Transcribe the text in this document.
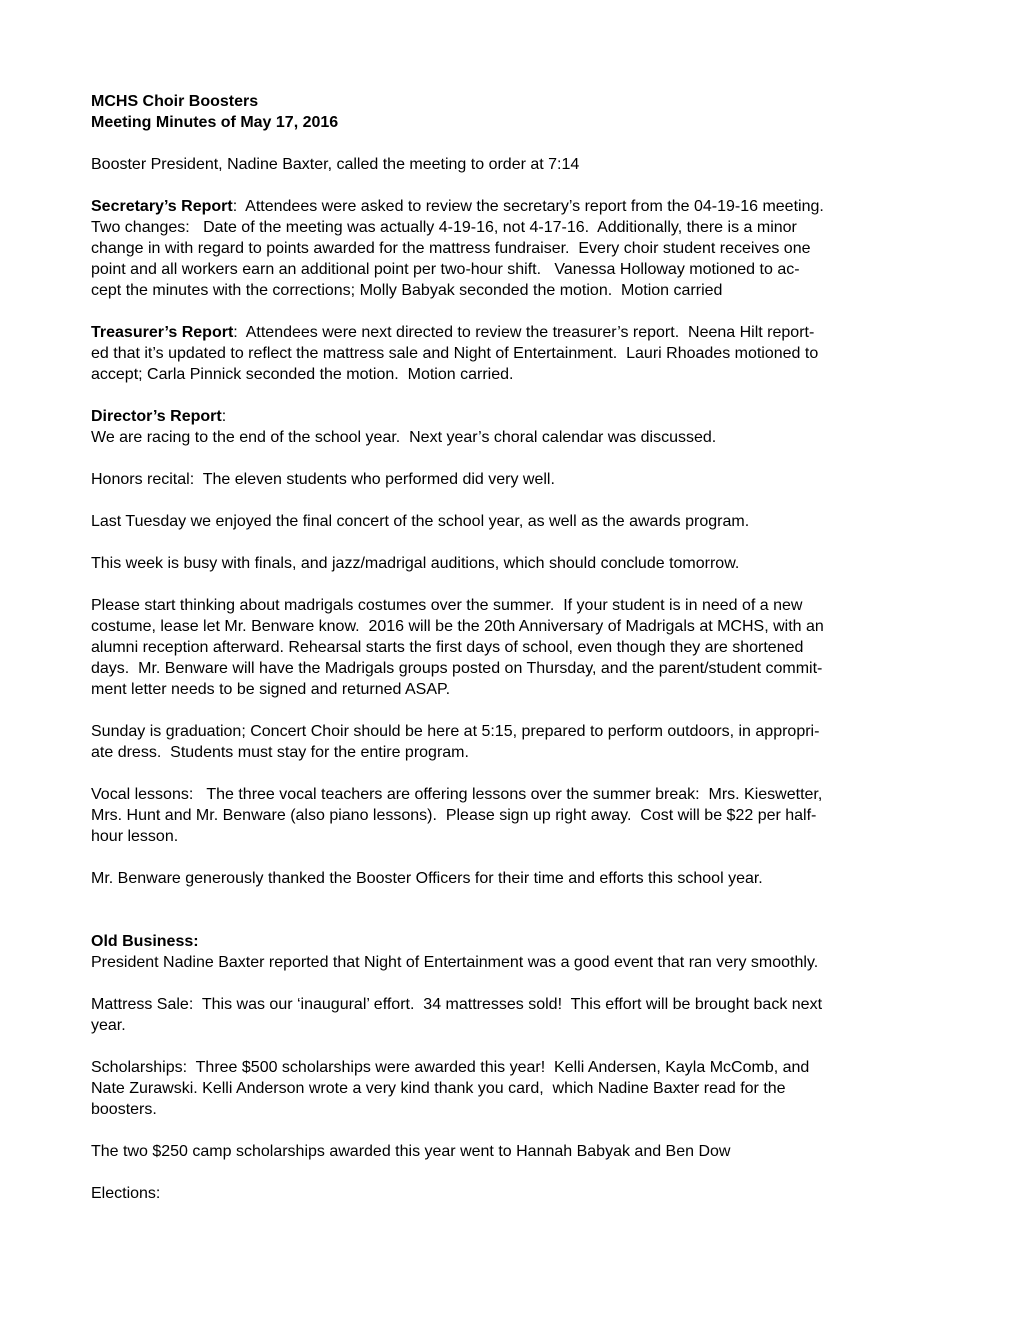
MCHS Choir Boosters
Meeting Minutes of May 17, 2016
Booster President, Nadine Baxter, called the meeting to order at 7:14
Secretary’s Report:  Attendees were asked to review the secretary’s report from the 04-19-16 meeting.
Two changes:   Date of the meeting was actually 4-19-16, not 4-17-16.  Additionally, there is a minor
change in with regard to points awarded for the mattress fundraiser.  Every choir student receives one
point and all workers earn an additional point per two-hour shift.   Vanessa Holloway motioned to ac-
cept the minutes with the corrections; Molly Babyak seconded the motion.  Motion carried
Treasurer’s Report:  Attendees were next directed to review the treasurer’s report.  Neena Hilt report-
ed that it’s updated to reflect the mattress sale and Night of Entertainment.  Lauri Rhoades motioned to
accept; Carla Pinnick seconded the motion.  Motion carried.
Director’s Report:
We are racing to the end of the school year.  Next year’s choral calendar was discussed.
Honors recital:  The eleven students who performed did very well.
Last Tuesday we enjoyed the final concert of the school year, as well as the awards program.
This week is busy with finals, and jazz/madrigal auditions, which should conclude tomorrow.
Please start thinking about madrigals costumes over the summer.  If your student is in need of a new
costume, lease let Mr. Benware know.  2016 will be the 20th Anniversary of Madrigals at MCHS, with an
alumni reception afterward. Rehearsal starts the first days of school, even though they are shortened
days.  Mr. Benware will have the Madrigals groups posted on Thursday, and the parent/student commit-
ment letter needs to be signed and returned ASAP.
Sunday is graduation; Concert Choir should be here at 5:15, prepared to perform outdoors, in appropri-
ate dress.  Students must stay for the entire program.
Vocal lessons:   The three vocal teachers are offering lessons over the summer break:  Mrs. Kieswetter,
Mrs. Hunt and Mr. Benware (also piano lessons).  Please sign up right away.  Cost will be $22 per half-
hour lesson.
Mr. Benware generously thanked the Booster Officers for their time and efforts this school year.
Old Business:
President Nadine Baxter reported that Night of Entertainment was a good event that ran very smoothly.
Mattress Sale:  This was our ‘inaugural’ effort.  34 mattresses sold!  This effort will be brought back next
year.
Scholarships:  Three $500 scholarships were awarded this year!  Kelli Andersen, Kayla McComb, and
Nate Zurawski. Kelli Anderson wrote a very kind thank you card,  which Nadine Baxter read for the
boosters.
The two $250 camp scholarships awarded this year went to Hannah Babyak and Ben Dow
Elections:
